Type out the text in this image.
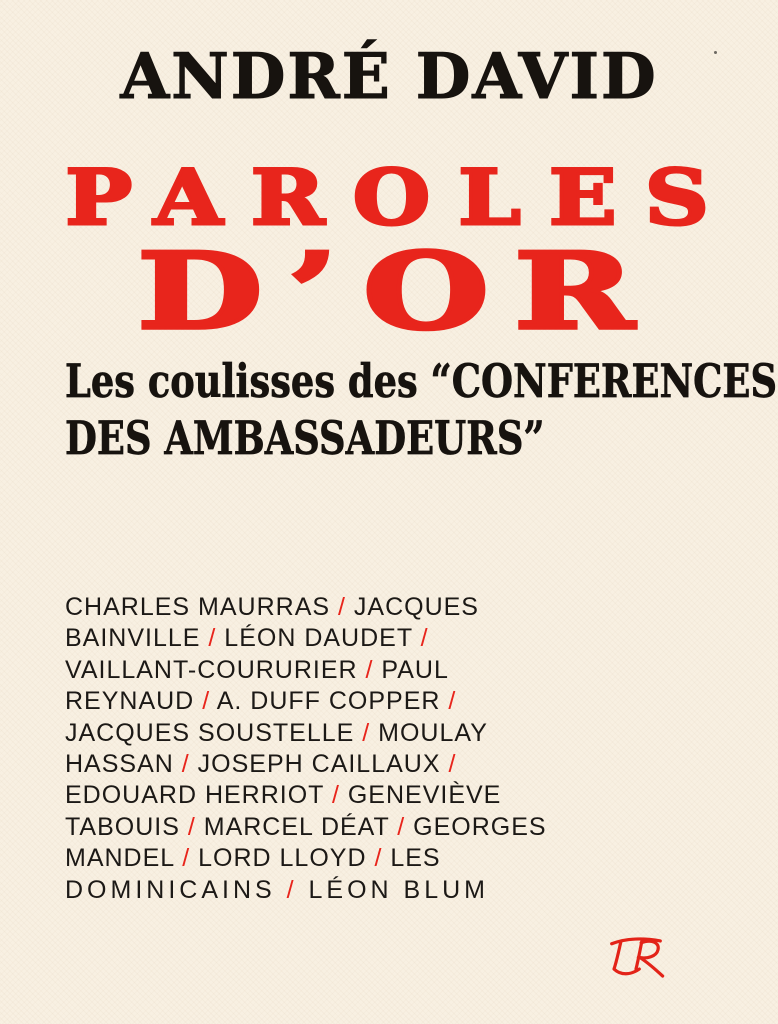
ANDRÉ DAVID
PAROLES
D’OR
Les coulisses des “CONFERENCES
DES AMBASSADEURS”
CHARLES MAURRAS / JACQUES
BAINVILLE / LÉON DAUDET /
VAILLANT-COURURIER / PAUL
REYNAUD / A. DUFF COPPER /
JACQUES SOUSTELLE / MOULAY
HASSAN / JOSEPH CAILLAUX /
EDOUARD HERRIOT / GENEVIÈVE
TABOUIS / MARCEL DÉAT / GEORGES
MANDEL / LORD LLOYD / LES
DOMINICAINS / LÉON BLUM
